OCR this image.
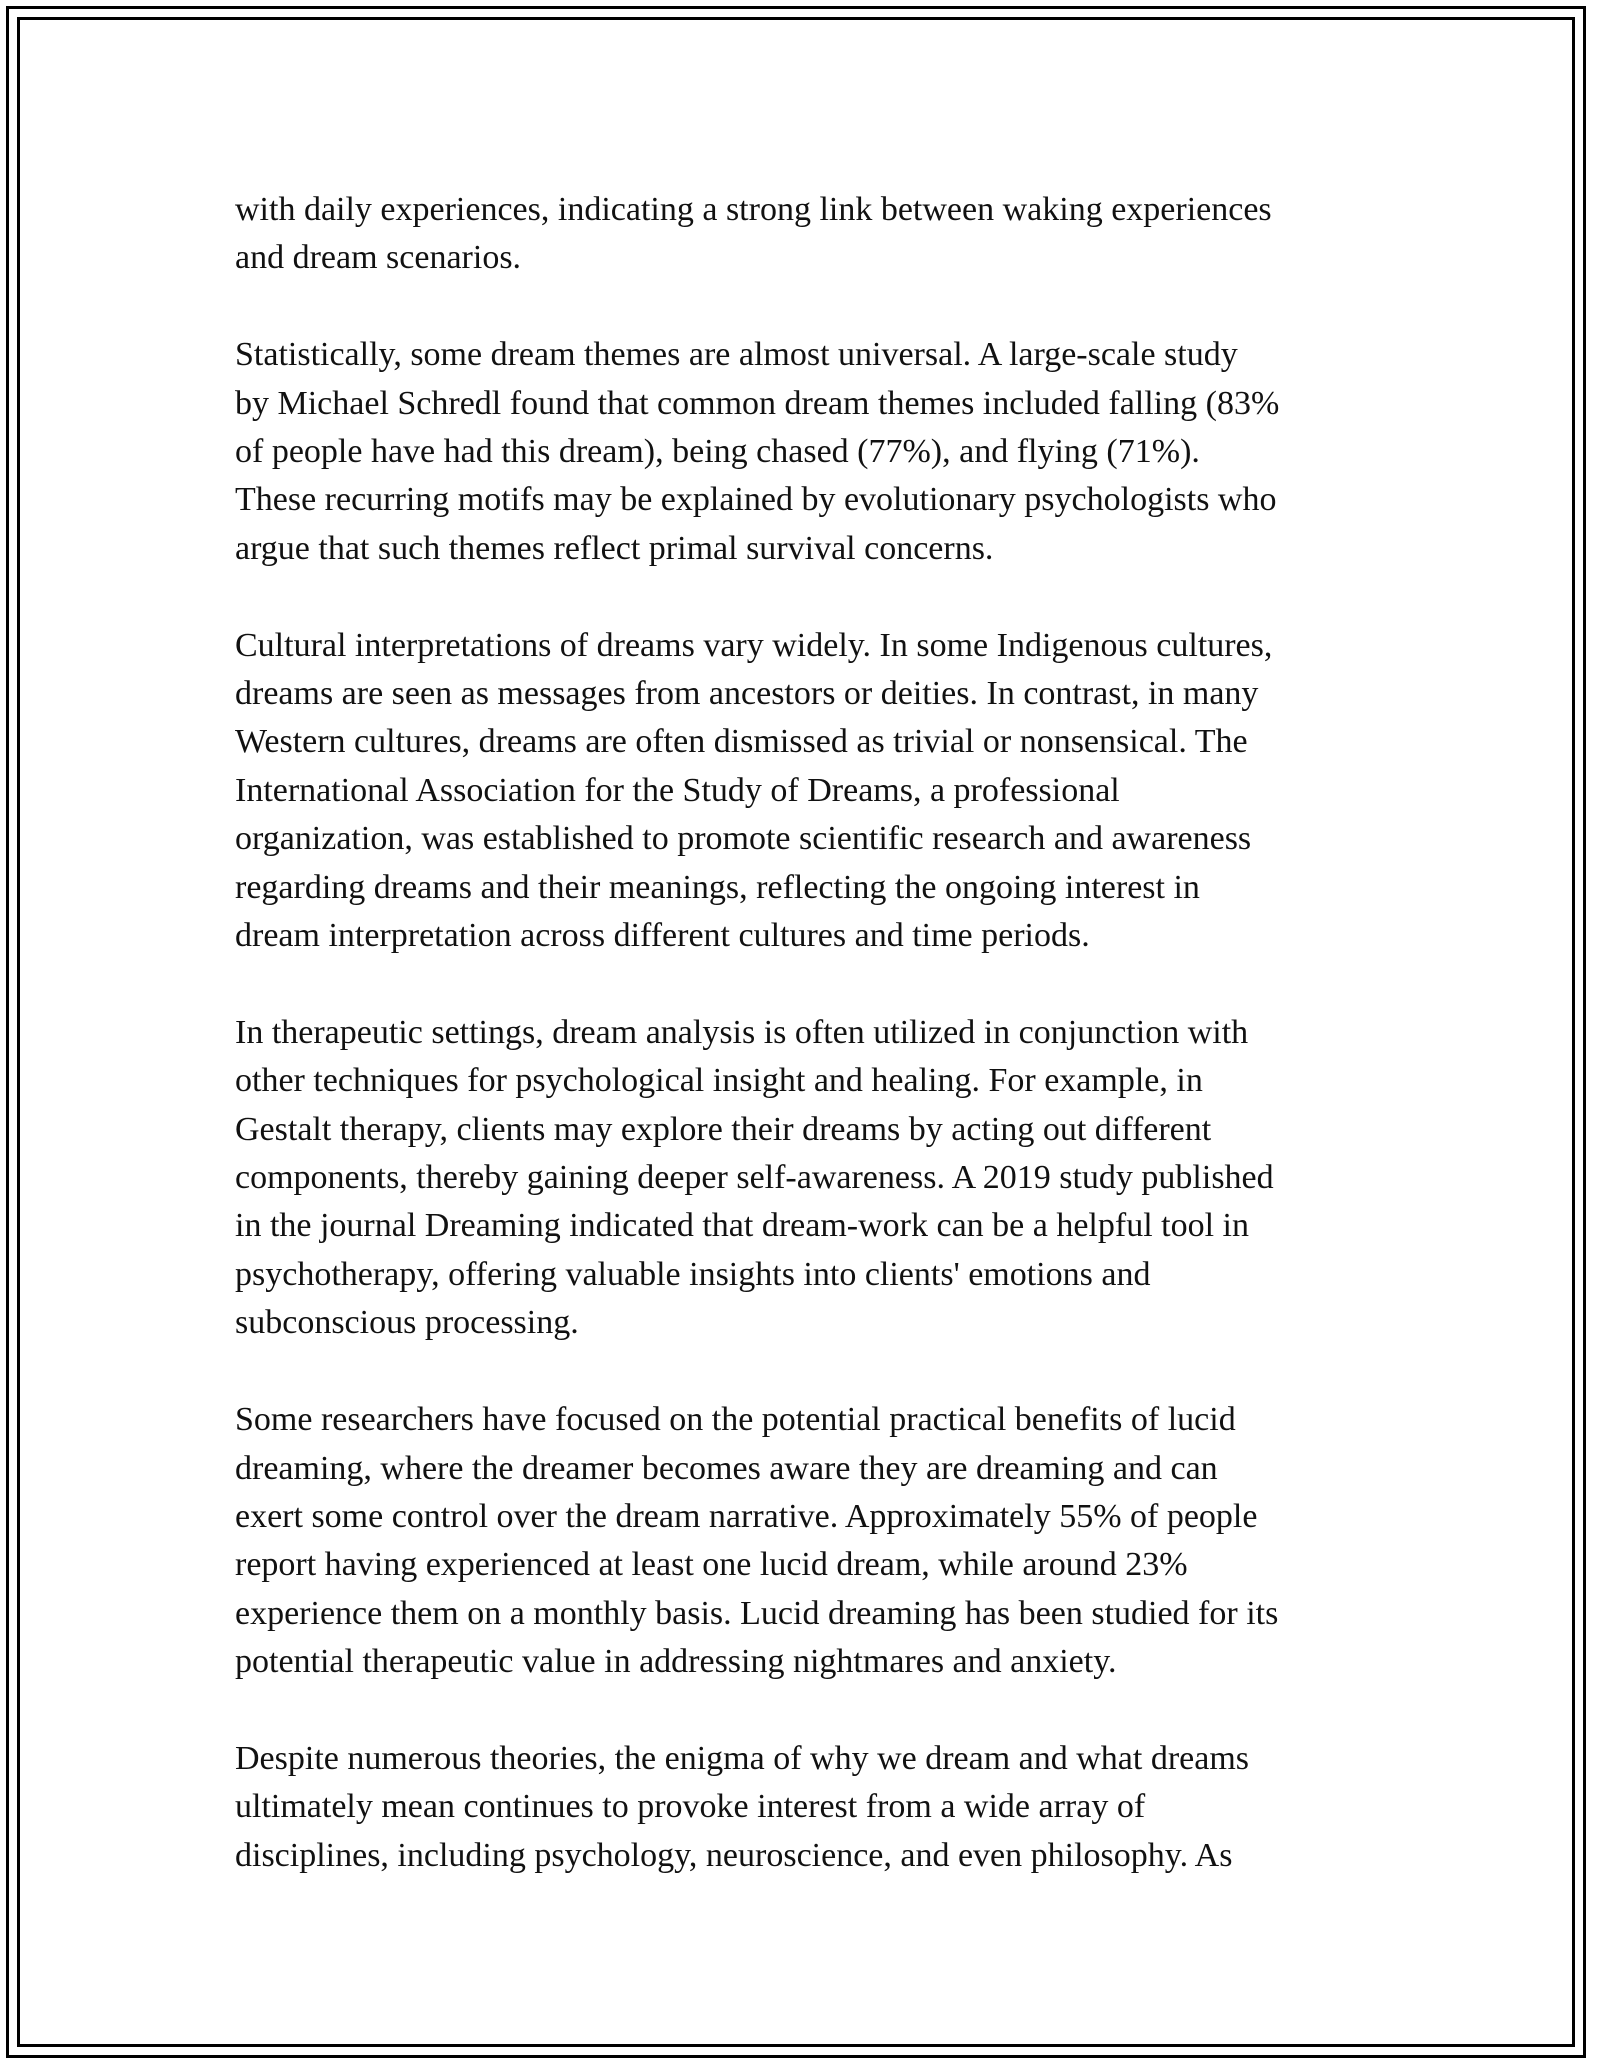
with daily experiences, indicating a strong link between waking experiences
and dream scenarios.

Statistically, some dream themes are almost universal. A large-scale study
by Michael Schredl found that common dream themes included falling (83%
of people have had this dream), being chased (77%), and flying (71%).
These recurring motifs may be explained by evolutionary psychologists who
argue that such themes reflect primal survival concerns.

Cultural interpretations of dreams vary widely. In some Indigenous cultures,
dreams are seen as messages from ancestors or deities. In contrast, in many
Western cultures, dreams are often dismissed as trivial or nonsensical. The
International Association for the Study of Dreams, a professional
organization, was established to promote scientific research and awareness
regarding dreams and their meanings, reflecting the ongoing interest in
dream interpretation across different cultures and time periods.

In therapeutic settings, dream analysis is often utilized in conjunction with
other techniques for psychological insight and healing. For example, in
Gestalt therapy, clients may explore their dreams by acting out different
components, thereby gaining deeper self-awareness. A 2019 study published
in the journal Dreaming indicated that dream-work can be a helpful tool in
psychotherapy, offering valuable insights into clients' emotions and
subconscious processing.

Some researchers have focused on the potential practical benefits of lucid
dreaming, where the dreamer becomes aware they are dreaming and can
exert some control over the dream narrative. Approximately 55% of people
report having experienced at least one lucid dream, while around 23%
experience them on a monthly basis. Lucid dreaming has been studied for its
potential therapeutic value in addressing nightmares and anxiety.

Despite numerous theories, the enigma of why we dream and what dreams
ultimately mean continues to provoke interest from a wide array of
disciplines, including psychology, neuroscience, and even philosophy. As
